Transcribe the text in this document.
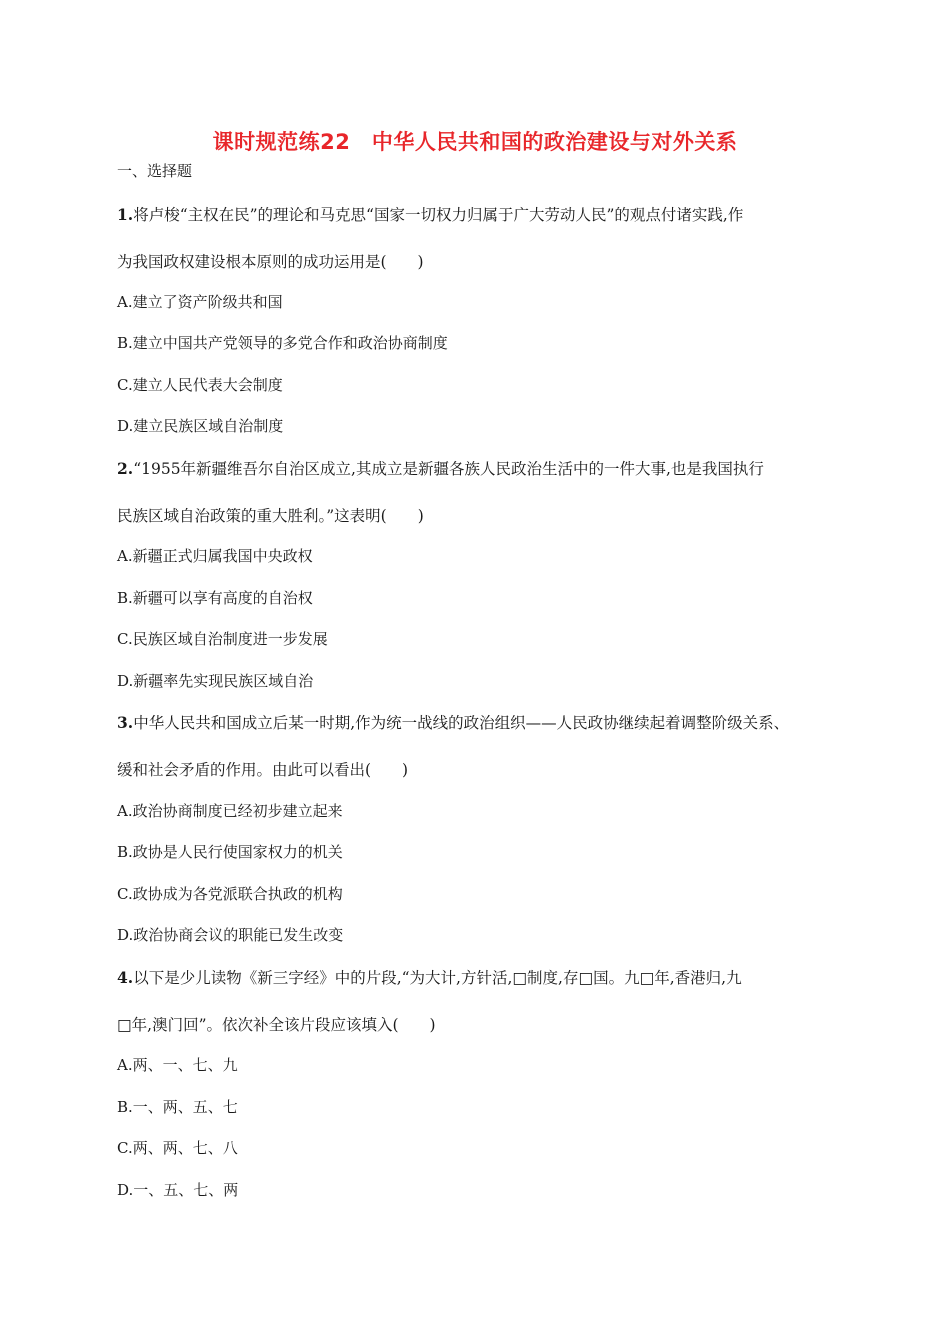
课时规范练22　中华人民共和国的政治建设与对外关系
一、选择题
1.将卢梭“主权在民”的理论和马克思“国家一切权力归属于广大劳动人民”的观点付诸实践,作
为我国政权建设根本原则的成功运用是(　　)
A.建立了资产阶级共和国
B.建立中国共产党领导的多党合作和政治协商制度
C.建立人民代表大会制度
D.建立民族区域自治制度
2.“1955年新疆维吾尔自治区成立,其成立是新疆各族人民政治生活中的一件大事,也是我国执行
民族区域自治政策的重大胜利。”这表明(　　)
A.新疆正式归属我国中央政权
B.新疆可以享有高度的自治权
C.民族区域自治制度进一步发展
D.新疆率先实现民族区域自治
3.中华人民共和国成立后某一时期,作为统一战线的政治组织——人民政协继续起着调整阶级关系、
缓和社会矛盾的作用。由此可以看出(　　)
A.政治协商制度已经初步建立起来
B.政协是人民行使国家权力的机关
C.政协成为各党派联合执政的机构
D.政治协商会议的职能已发生改变
4.以下是少儿读物《新三字经》中的片段,“为大计,方针活,□制度,存□国。九□年,香港归,九
□年,澳门回”。依次补全该片段应该填入(　　)
A.两、一、七、九
B.一、两、五、七
C.两、两、七、八
D.一、五、七、两
